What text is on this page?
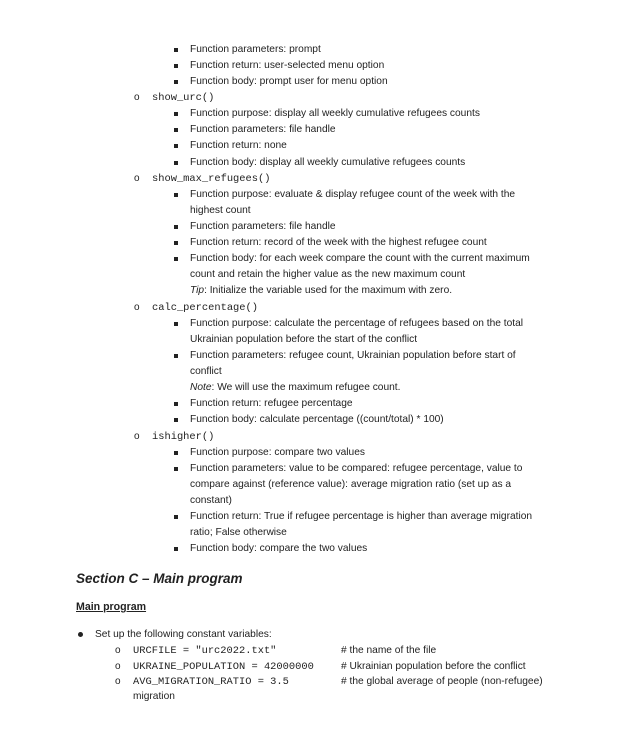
Function parameters: prompt
Function return: user-selected menu option
Function body: prompt user for menu option
o show_urc()
Function purpose: display all weekly cumulative refugees counts
Function parameters: file handle
Function return: none
Function body: display all weekly cumulative refugees counts
o show_max_refugees()
Function purpose: evaluate & display refugee count of the week with the
highest count
Function parameters: file handle
Function return: record of the week with the highest refugee count
Function body: for each week compare the count with the current maximum
count and retain the higher value as the new maximum count
Tip: Initialize the variable used for the maximum with zero.
o calc_percentage()
Function purpose: calculate the percentage of refugees based on the total
Ukrainian population before the start of the conflict
Function parameters: refugee count, Ukrainian population before start of
conflict
Note: We will use the maximum refugee count.
Function return: refugee percentage
Function body: calculate percentage ((count/total) * 100)
o ishigher()
Function purpose: compare two values
Function parameters: value to be compared: refugee percentage, value to
compare against (reference value): average migration ratio (set up as a
constant)
Function return: True if refugee percentage is higher than average migration
ratio; False otherwise
Function body: compare the two values
Section C – Main program
Main program
Set up the following constant variables:
o URCFILE = "urc2022.txt"	# the name of the file
o UKRAINE_POPULATION = 42000000	# Ukrainian population before the conflict
o AVG_MIGRATION_RATIO = 3.5	# the global average of people (non-refugee)
migration
